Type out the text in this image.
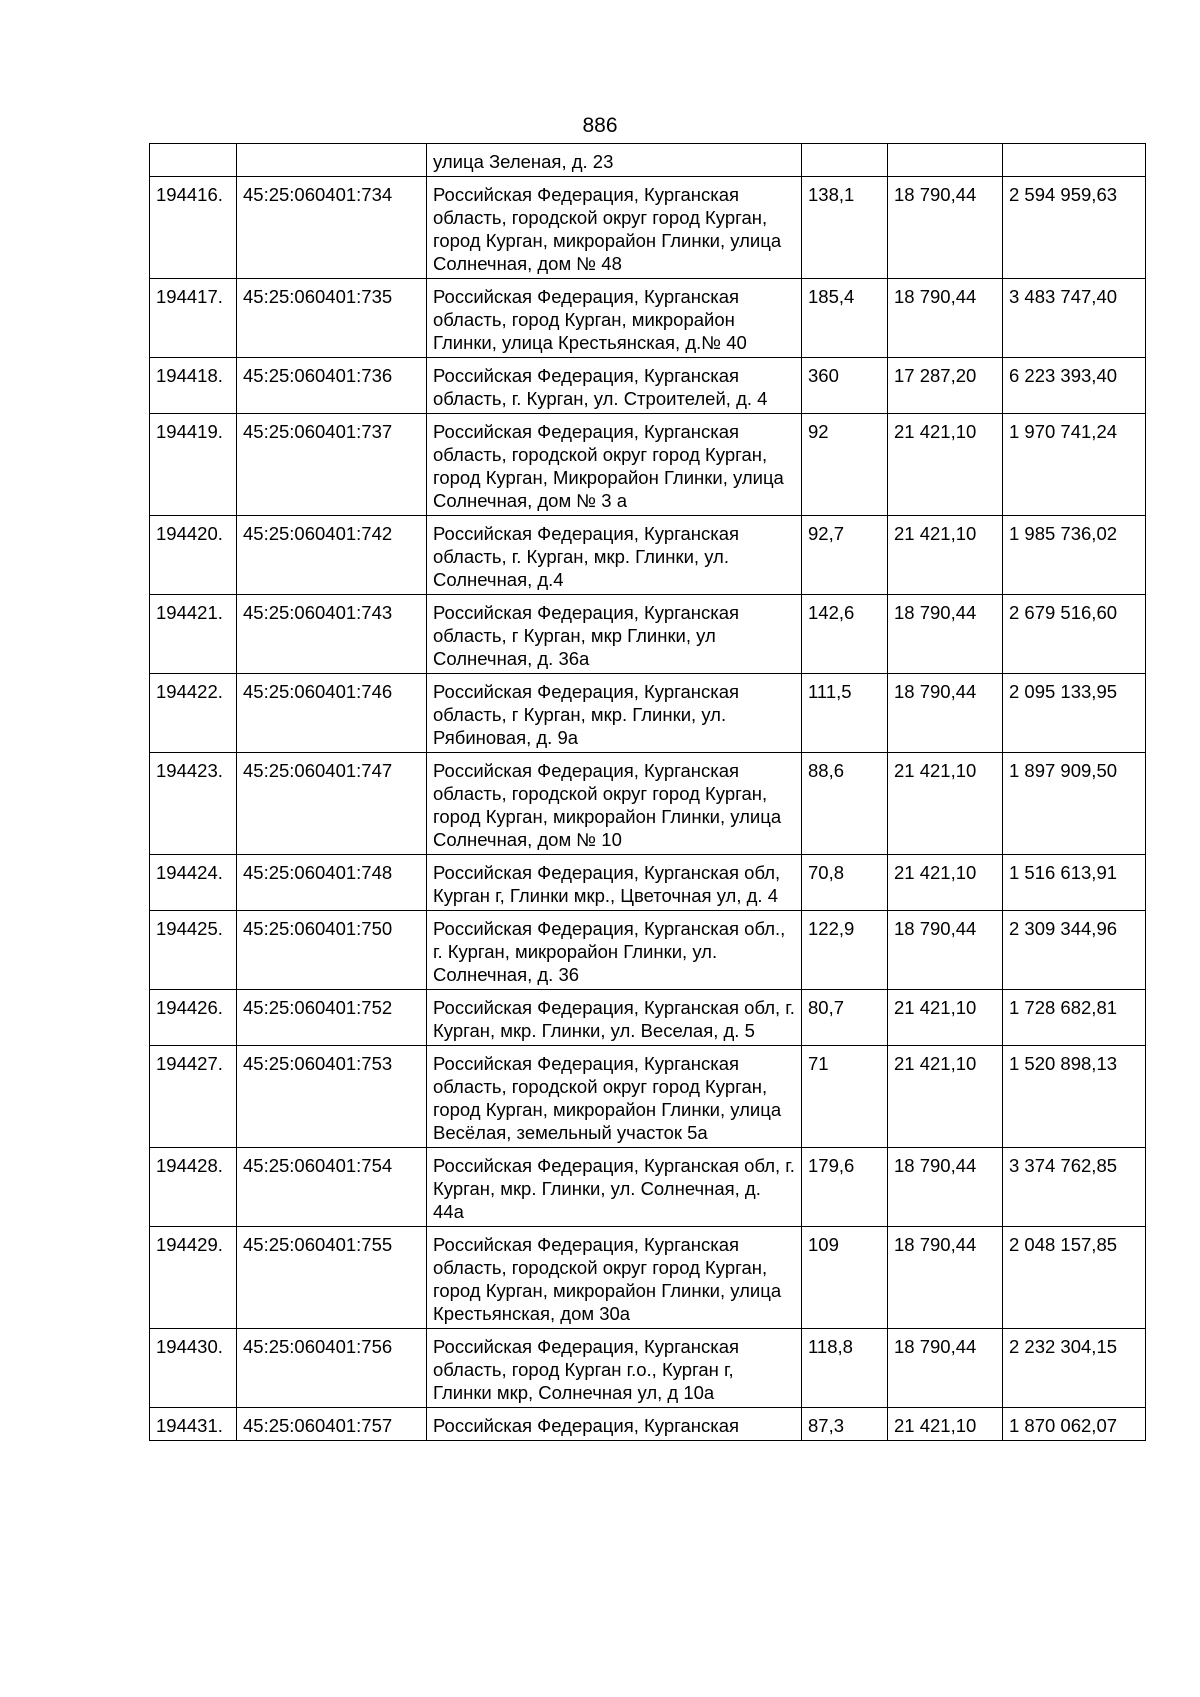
886
		улица Зеленая, д. 23			
194416.	45:25:060401:734	Российская Федерация, Курганская область, городской округ город Курган, город Курган, микрорайон Глинки, улица Солнечная, дом № 48	138,1	18 790,44	2 594 959,63
194417.	45:25:060401:735	Российская Федерация, Курганская область, город Курган, микрорайон Глинки, улица Крестьянская, д.№ 40	185,4	18 790,44	3 483 747,40
194418.	45:25:060401:736	Российская Федерация, Курганская область, г. Курган, ул. Строителей, д. 4	360	17 287,20	6 223 393,40
194419.	45:25:060401:737	Российская Федерация, Курганская область, городской округ город Курган, город Курган, Микрорайон Глинки, улица Солнечная, дом № 3 а	92	21 421,10	1 970 741,24
194420.	45:25:060401:742	Российская Федерация, Курганская область, г. Курган, мкр. Глинки, ул. Солнечная, д.4	92,7	21 421,10	1 985 736,02
194421.	45:25:060401:743	Российская Федерация, Курганская область, г Курган, мкр Глинки, ул Солнечная, д. 36а	142,6	18 790,44	2 679 516,60
194422.	45:25:060401:746	Российская Федерация, Курганская область, г Курган, мкр. Глинки, ул. Рябиновая, д. 9а	111,5	18 790,44	2 095 133,95
194423.	45:25:060401:747	Российская Федерация, Курганская область, городской округ город Курган, город Курган, микрорайон Глинки, улица Солнечная, дом № 10	88,6	21 421,10	1 897 909,50
194424.	45:25:060401:748	Российская Федерация, Курганская обл, Курган г, Глинки мкр., Цветочная ул, д. 4	70,8	21 421,10	1 516 613,91
194425.	45:25:060401:750	Российская Федерация, Курганская обл., г. Курган, микрорайон Глинки, ул. Солнечная, д. 36	122,9	18 790,44	2 309 344,96
194426.	45:25:060401:752	Российская Федерация, Курганская обл, г. Курган, мкр. Глинки, ул. Веселая, д. 5	80,7	21 421,10	1 728 682,81
194427.	45:25:060401:753	Российская Федерация, Курганская область, городской округ город Курган, город Курган, микрорайон Глинки, улица Весёлая, земельный участок 5а	71	21 421,10	1 520 898,13
194428.	45:25:060401:754	Российская Федерация, Курганская обл, г. Курган, мкр. Глинки, ул. Солнечная, д. 44а	179,6	18 790,44	3 374 762,85
194429.	45:25:060401:755	Российская Федерация, Курганская область, городской округ город Курган, город Курган, микрорайон Глинки, улица Крестьянская, дом 30а	109	18 790,44	2 048 157,85
194430.	45:25:060401:756	Российская Федерация, Курганская область, город Курган г.о., Курган г, Глинки мкр, Солнечная ул, д 10а	118,8	18 790,44	2 232 304,15
194431.	45:25:060401:757	Российская Федерация, Курганская	87,3	21 421,10	1 870 062,07
